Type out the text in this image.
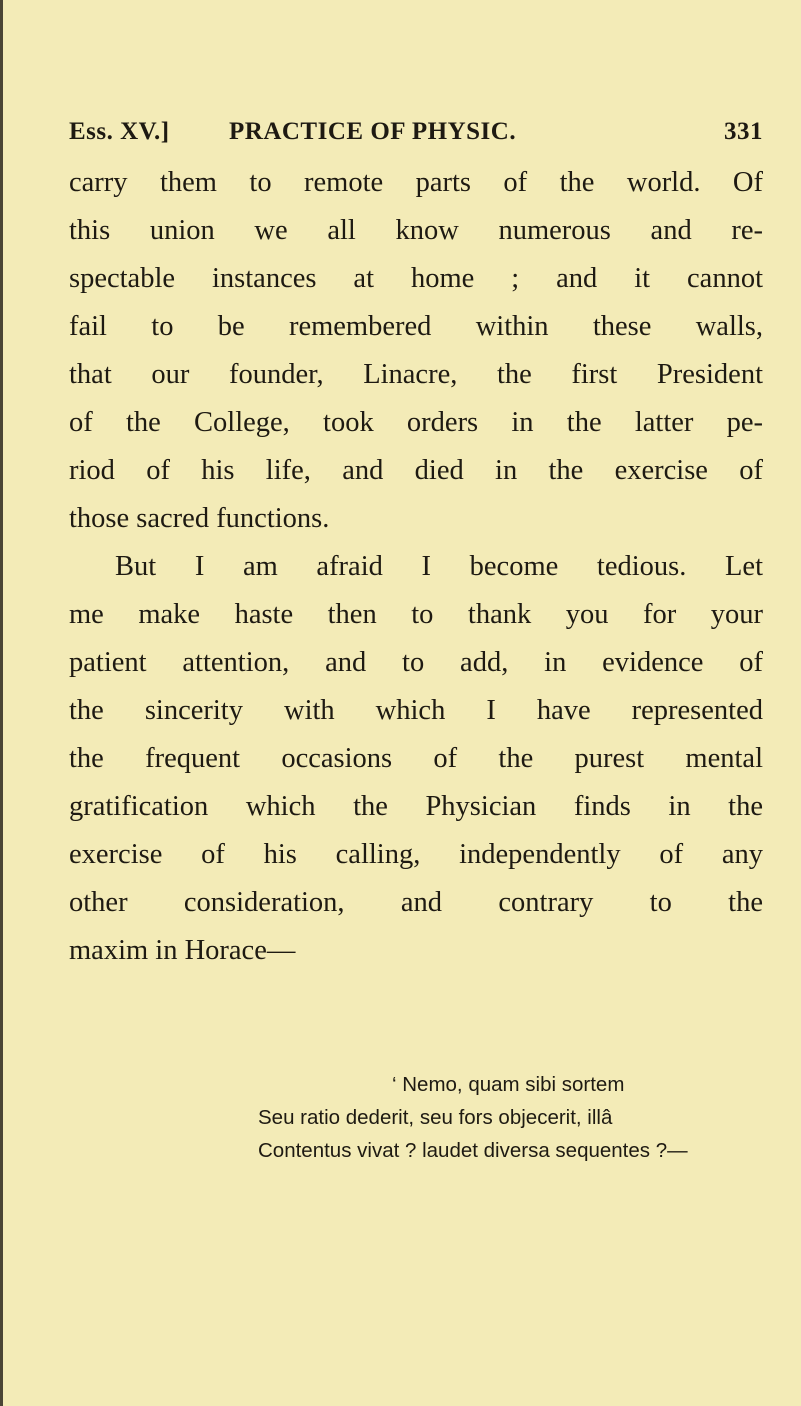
Ess. XV.] PRACTICE OF PHYSIC.	331
carry them to remote parts of the world. Of
this union we all know numerous and re-
spectable instances at home ; and it cannot
fail to be remembered within these walls,
that our founder, Linacre, the first President
of the College, took orders in the latter pe-
riod of his life, and died in the exercise of
those sacred functions.
But I am afraid I become tedious. Let
me make haste then to thank you for your
patient attention, and to add, in evidence of
the sincerity with which I have represented
the frequent occasions of the purest mental
gratification which the Physician finds in the
exercise of his calling, independently of any
other consideration, and contrary to the
maxim in Horace—
‘ Nemo, quam sibi sortem
Seu ratio dederit, seu fors objecerit, illâ
Contentus vivat ? laudet diversa sequentes ?—
